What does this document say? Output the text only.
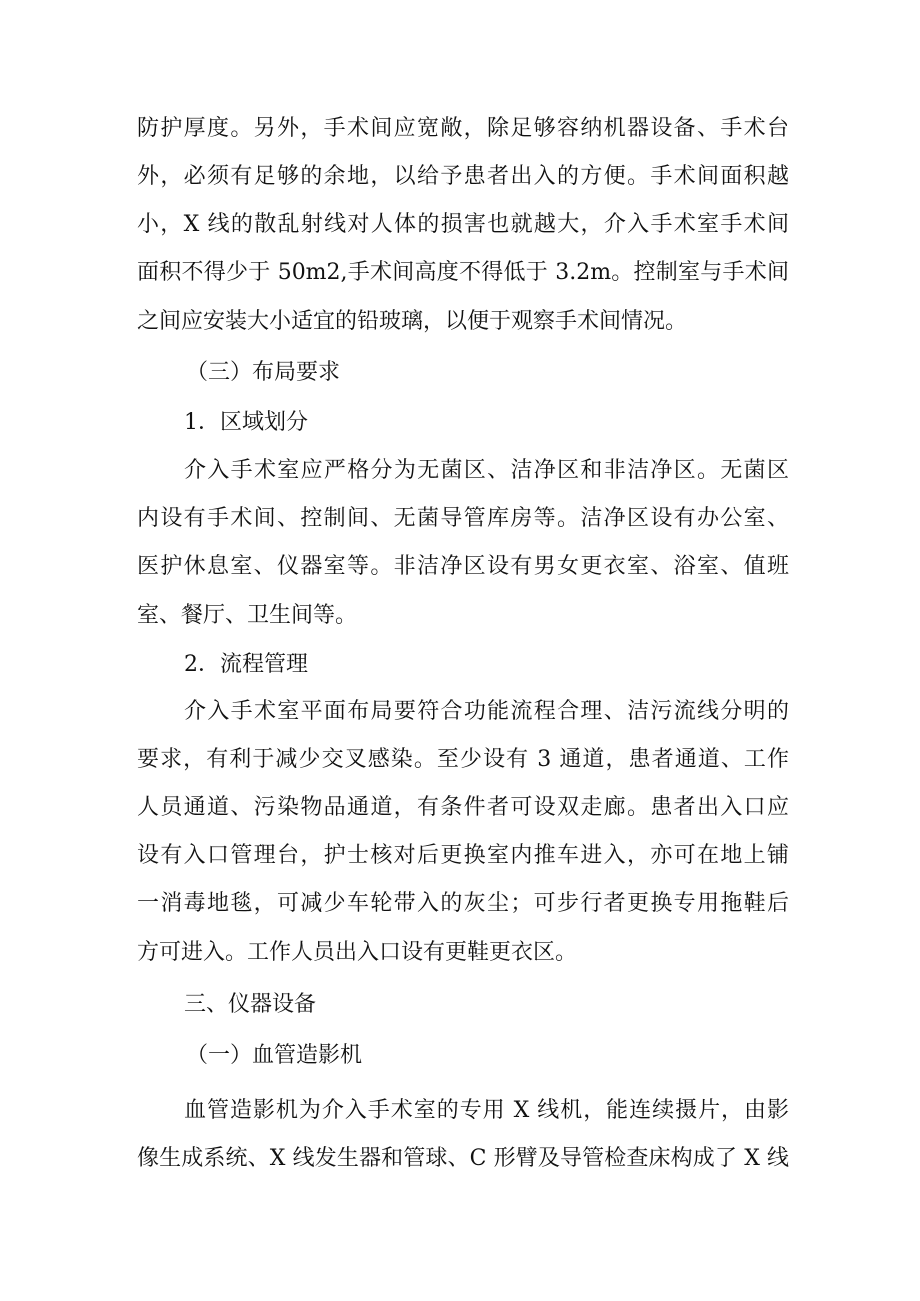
防护厚度。另外，手术间应宽敞，除足够容纳机器设备、手术台
外，必须有足够的余地，以给予患者出入的方便。手术间面积越
小，X 线的散乱射线对人体的损害也就越大，介入手术室手术间
面积不得少于 50m2,手术间高度不得低于 3.2m。控制室与手术间
之间应安装大小适宜的铅玻璃，以便于观察手术间情况。
（三）布局要求
1．区域划分
介入手术室应严格分为无菌区、洁净区和非洁净区。无菌区
内设有手术间、控制间、无菌导管库房等。洁净区设有办公室、
医护休息室、仪器室等。非洁净区设有男女更衣室、浴室、值班
室、餐厅、卫生间等。
2．流程管理
介入手术室平面布局要符合功能流程合理、洁污流线分明的
要求，有利于减少交叉感染。至少设有 3 通道，患者通道、工作
人员通道、污染物品通道，有条件者可设双走廊。患者出入口应
设有入口管理台，护士核对后更换室内推车进入，亦可在地上铺
一消毒地毯，可减少车轮带入的灰尘；可步行者更换专用拖鞋后
方可进入。工作人员出入口设有更鞋更衣区。
三、仪器设备
（一）血管造影机
血管造影机为介入手术室的专用 X 线机，能连续摄片，由影
像生成系统、X 线发生器和管球、C 形臂及导管检查床构成了 X 线
